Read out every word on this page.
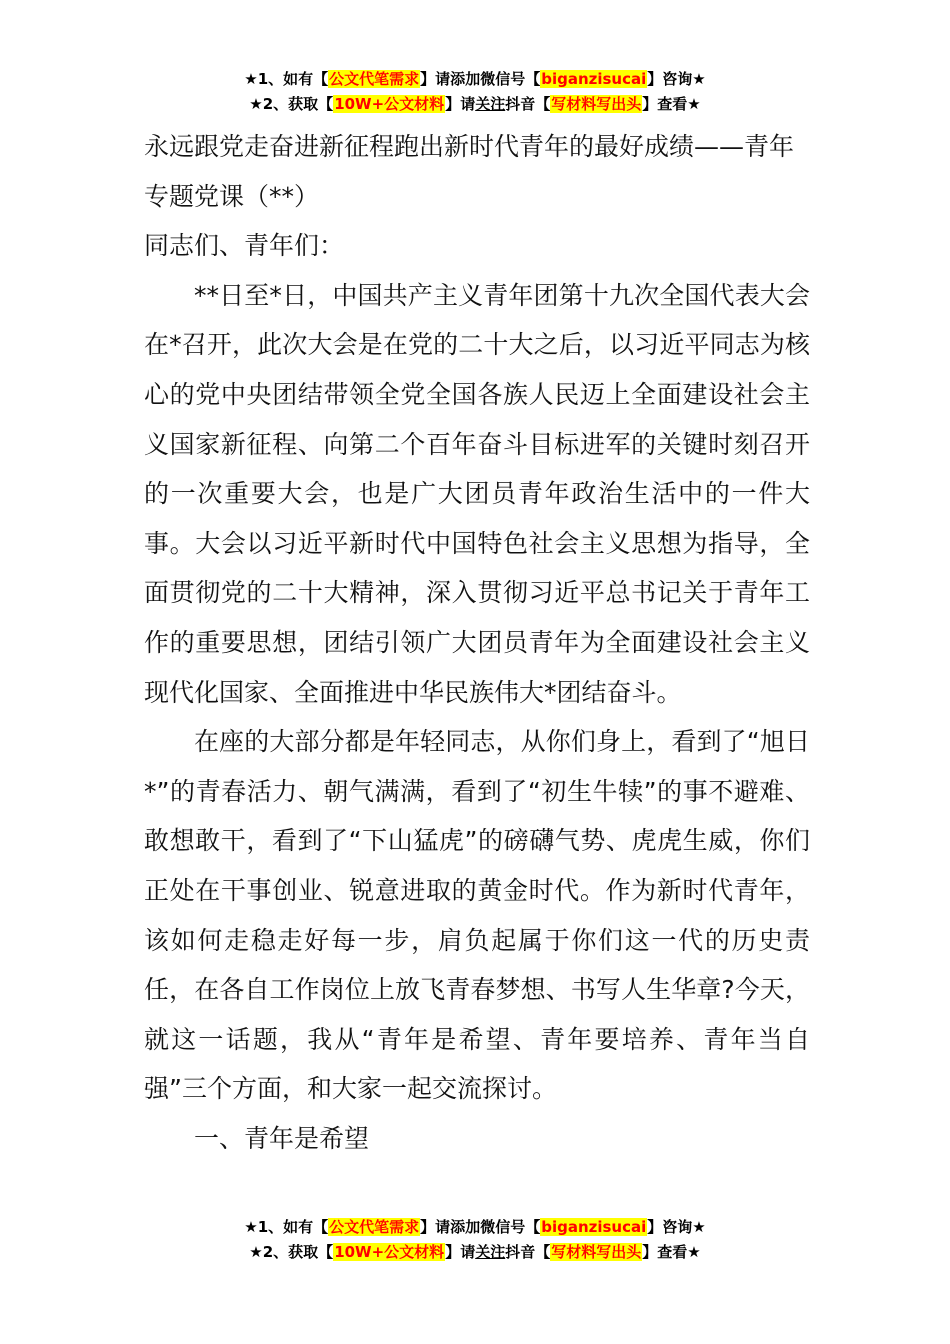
★1、如有【公文代笔需求】请添加微信号【biganzisucai】咨询★
★2、获取【10W+公文材料】请关注抖音【写材料写出头】查看★
永远跟党走奋进新征程跑出新时代青年的最好成绩——青年专题党课（**）

同志们、青年们：

**日至*日，中国共产主义青年团第十九次全国代表大会在*召开，此次大会是在党的二十大之后，以习近平同志为核心的党中央团结带领全党全国各族人民迈上全面建设社会主义国家新征程、向第二个百年奋斗目标进军的关键时刻召开的一次重要大会，也是广大团员青年政治生活中的一件大事。大会以习近平新时代中国特色社会主义思想为指导，全面贯彻党的二十大精神，深入贯彻习近平总书记关于青年工作的重要思想，团结引领广大团员青年为全面建设社会主义现代化国家、全面推进中华民族伟大*团结奋斗。

在座的大部分都是年轻同志，从你们身上，看到了“旭日*”的青春活力、朝气满满，看到了“初生牛犊”的事不避难、敢想敢干，看到了“下山猛虎”的磅礴气势、虎虎生威，你们正处在干事创业、锐意进取的黄金时代。作为新时代青年，该如何走稳走好每一步，肩负起属于你们这一代的历史责任，在各自工作岗位上放飞青春梦想、书写人生华章?今天，就这一话题，我从“青年是希望、青年要培养、青年当自强”三个方面，和大家一起交流探讨。

一、青年是希望
★1、如有【公文代笔需求】请添加微信号【biganzisucai】咨询★
★2、获取【10W+公文材料】请关注抖音【写材料写出头】查看★
